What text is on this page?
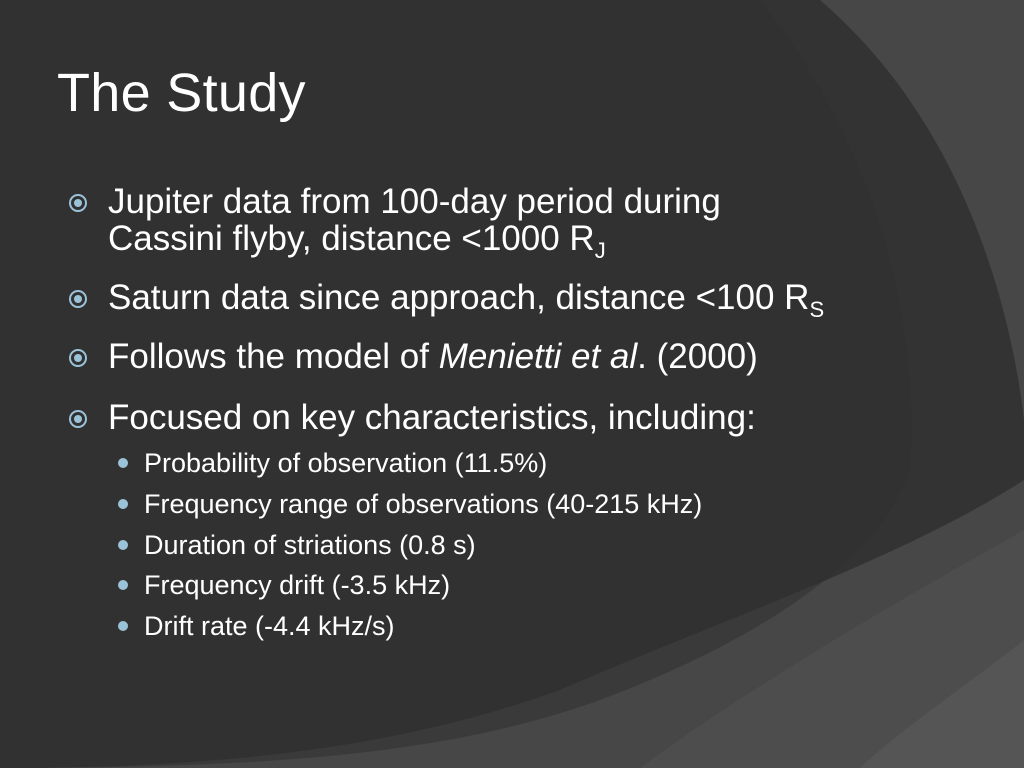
The Study
Jupiter data from 100-day period during
Cassini flyby, distance <1000 $R_J$
Saturn data since approach, distance <100 $R_S$
Follows the model of Menietti et al. (2000)
Focused on key characteristics, including:
Probability of observation (11.5%)
Frequency range of observations (40-215 kHz)
Duration of striations (0.8 s)
Frequency drift (-3.5 kHz)
Drift rate (-4.4 kHz/s)
